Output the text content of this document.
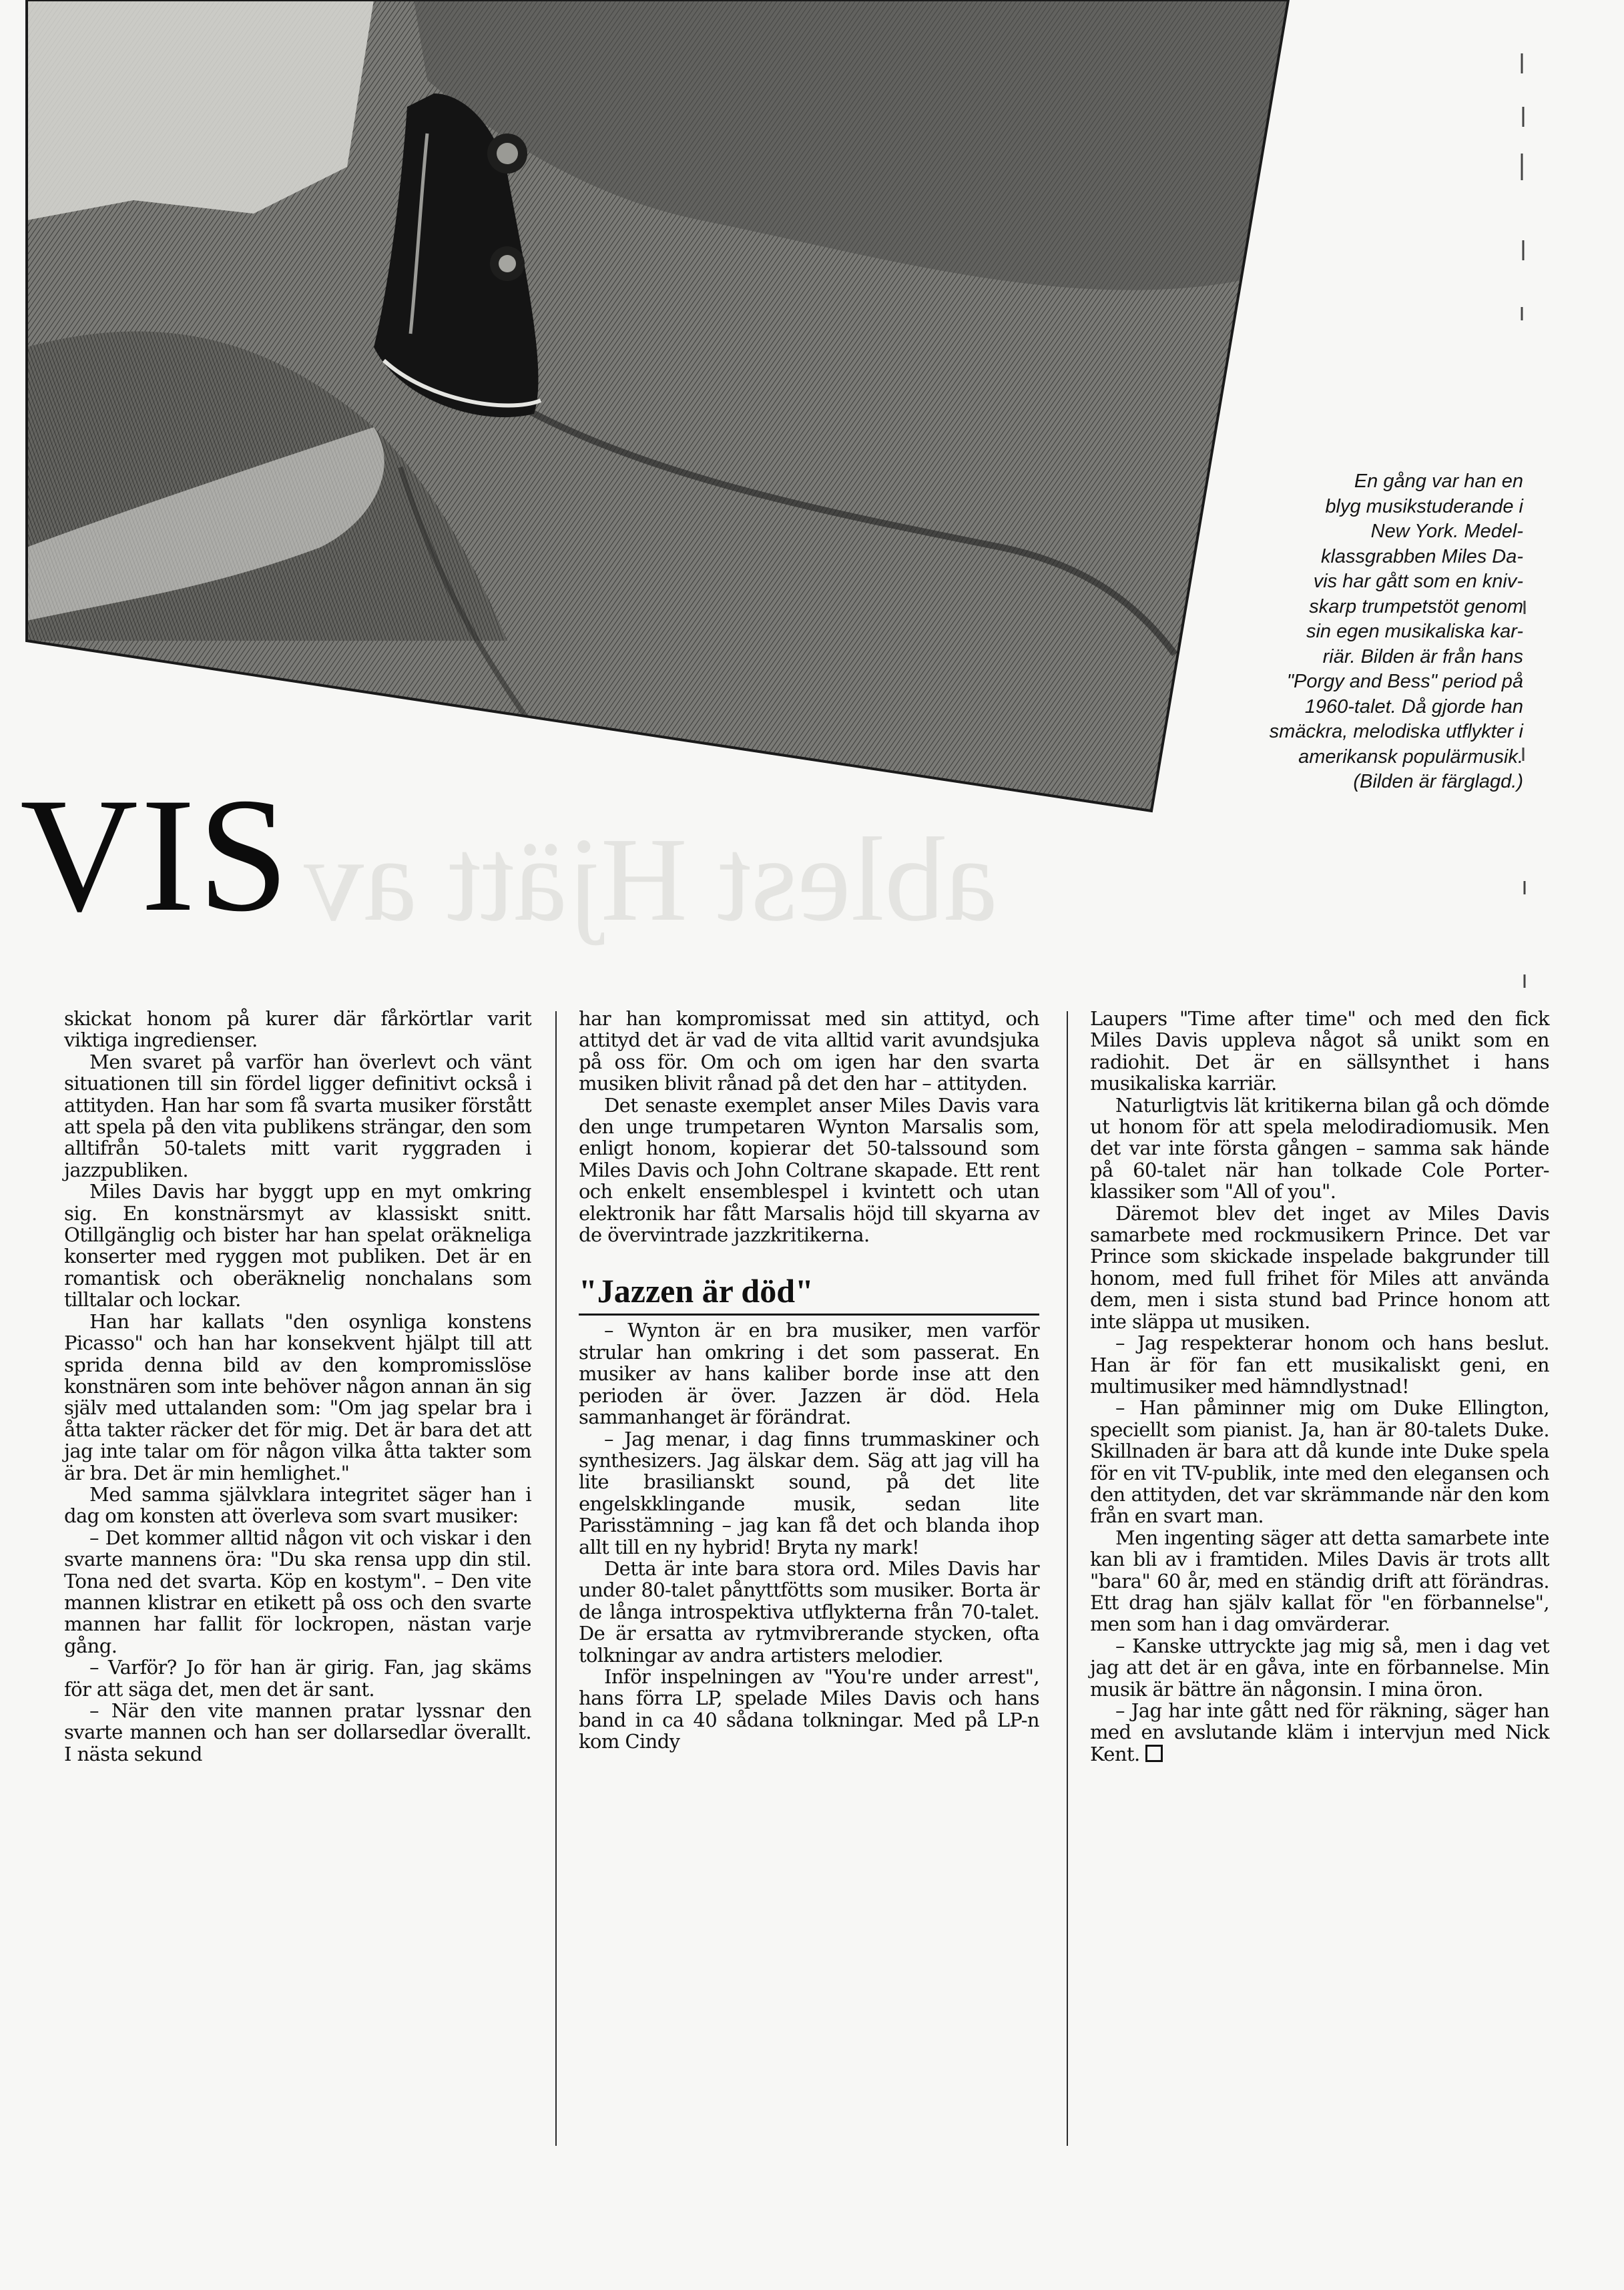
En gång var han en
blyg musikstuderande i
New York. Medel-
klassgrabben Miles Da-
vis har gått som en kniv-
skarp trumpetstöt genom
sin egen musikaliska kar-
riär. Bilden är från hans
"Porgy and Bess" period på
1960-talet. Då gjorde han
smäckra, melodiska utflykter i
amerikansk populärmusik.
(Bilden är färglagd.)
ablest Hjätt av
VIS

skickat honom på kurer där fårkörtlar varit viktiga ingredienser.

Men svaret på varför han överlevt och vänt situationen till sin fördel ligger definitivt också i attityden. Han har som få svarta musiker förstått att spela på den vita publikens strängar, den som alltifrån 50-talets mitt varit ryggraden i jazzpubliken.

Miles Davis har byggt upp en myt omkring sig. En konstnärsmyt av klassiskt snitt. Otillgänglig och bister har han spelat oräkneliga konserter med ryggen mot publiken. Det är en romantisk och oberäknelig nonchalans som tilltalar och lockar.

Han har kallats "den osynliga konstens Picasso" och han har konsekvent hjälpt till att sprida denna bild av den kompromisslöse konstnären som inte behöver någon annan än sig själv med uttalanden som: "Om jag spelar bra i åtta takter räcker det för mig. Det är bara det att jag inte talar om för någon vilka åtta takter som är bra. Det är min hemlighet."

Med samma självklara integritet säger han i dag om konsten att överleva som svart musiker:

– Det kommer alltid någon vit och viskar i den svarte mannens öra: "Du ska rensa upp din stil. Tona ned det svarta. Köp en kostym". – Den vite mannen klistrar en etikett på oss och den svarte mannen har fallit för lockropen, nästan varje gång.

– Varför? Jo för han är girig. Fan, jag skäms för att säga det, men det är sant.

– När den vite mannen pratar lyssnar den svarte mannen och han ser dollarsedlar överallt. I nästa sekund

har han kompromissat med sin attityd, och attityd det är vad de vita alltid varit avundsjuka på oss för. Om och om igen har den svarta musiken blivit rånad på det den har – attityden.

Det senaste exemplet anser Miles Davis vara den unge trumpetaren Wynton Marsalis som, enligt honom, kopierar det 50-talssound som Miles Davis och John Coltrane skapade. Ett rent och enkelt ensemblespel i kvintett och utan elektronik har fått Marsalis höjd till skyarna av de övervintrade jazzkritikerna.

"Jazzen är död"

– Wynton är en bra musiker, men varför strular han omkring i det som passerat. En musiker av hans kaliber borde inse att den perioden är över. Jazzen är död. Hela sammanhanget är förändrat.

– Jag menar, i dag finns trummaskiner och synthesizers. Jag älskar dem. Säg att jag vill ha lite brasilianskt sound, på det lite engelskklingande musik, sedan lite Parisstämning – jag kan få det och blanda ihop allt till en ny hybrid! Bryta ny mark!

Detta är inte bara stora ord. Miles Davis har under 80-talet pånyttfötts som musiker. Borta är de långa introspektiva utflykterna från 70-talet. De är ersatta av rytmvibrerande stycken, ofta tolkningar av andra artisters melodier.

Inför inspelningen av "You're under arrest", hans förra LP, spelade Miles Davis och hans band in ca 40 sådana tolkningar. Med på LP-n kom Cindy

Laupers "Time after time" och med den fick Miles Davis uppleva något så unikt som en radiohit. Det är en sällsynthet i hans musikaliska karriär.

Naturligtvis lät kritikerna bilan gå och dömde ut honom för att spela melodiradiomusik. Men det var inte första gången – samma sak hände på 60-talet när han tolkade Cole Porter-klassiker som "All of you".

Däremot blev det inget av Miles Davis samarbete med rockmusikern Prince. Det var Prince som skickade inspelade bakgrunder till honom, med full frihet för Miles att använda dem, men i sista stund bad Prince honom att inte släppa ut musiken.

– Jag respekterar honom och hans beslut. Han är för fan ett musikaliskt geni, en multimusiker med hämndlystnad!

– Han påminner mig om Duke Ellington, speciellt som pianist. Ja, han är 80-talets Duke. Skillnaden är bara att då kunde inte Duke spela för en vit TV-publik, inte med den elegansen och den attityden, det var skrämmande när den kom från en svart man.

Men ingenting säger att detta samarbete inte kan bli av i framtiden. Miles Davis är trots allt "bara" 60 år, med en ständig drift att förändras. Ett drag han själv kallat för "en förbannelse", men som han i dag omvärderar.

– Kanske uttryckte jag mig så, men i dag vet jag att det är en gåva, inte en förbannelse. Min musik är bättre än någonsin. I mina öron.

– Jag har inte gått ned för räkning, säger han med en avslutande kläm i intervjun med Nick Kent.
